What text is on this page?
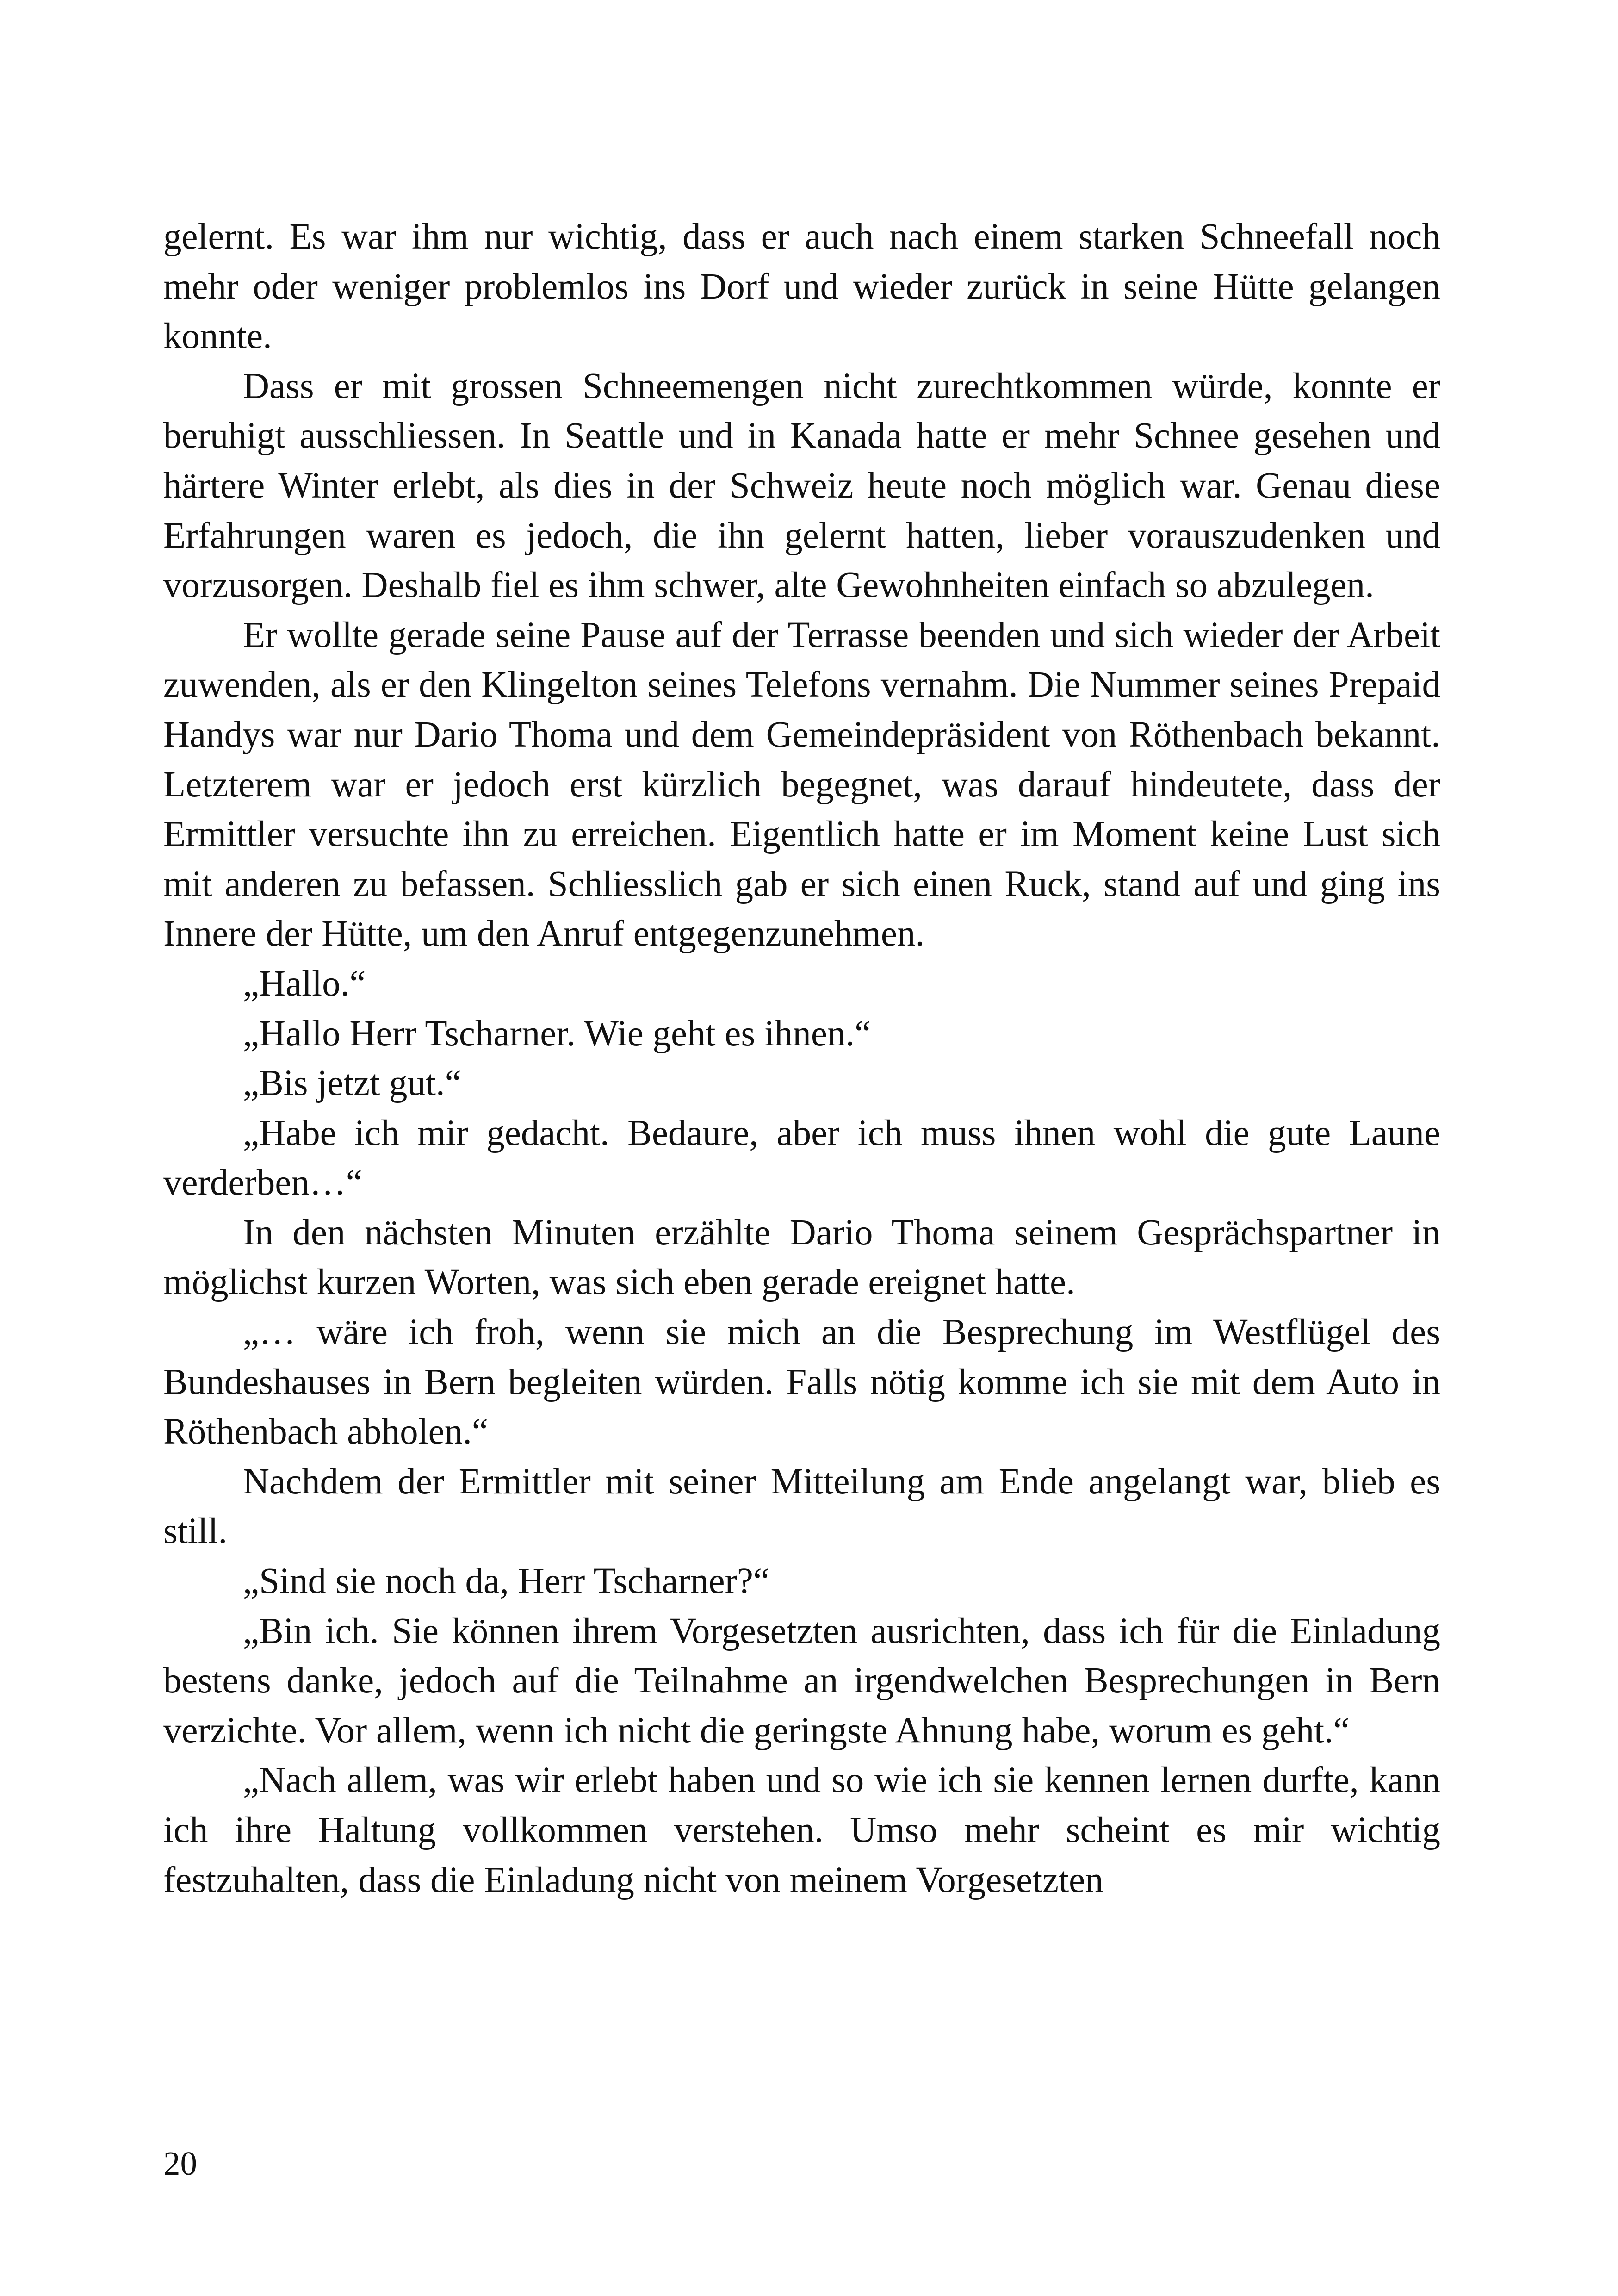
gelernt. Es war ihm nur wichtig, dass er auch nach einem starken Schneefall noch mehr oder weniger problemlos ins Dorf und wieder zurück in seine Hütte gelangen konnte.

Dass er mit grossen Schneemengen nicht zurechtkommen würde, konnte er beruhigt ausschliessen. In Seattle und in Kanada hatte er mehr Schnee gesehen und härtere Winter erlebt, als dies in der Schweiz heute noch möglich war. Genau diese Erfahrungen waren es jedoch, die ihn gelernt hatten, lieber vorauszudenken und vorzusorgen. Deshalb fiel es ihm schwer, alte Gewohnheiten einfach so abzulegen.

Er wollte gerade seine Pause auf der Terrasse beenden und sich wieder der Arbeit zuwenden, als er den Klingelton seines Telefons vernahm. Die Nummer seines Prepaid Handys war nur Dario Thoma und dem Gemeindepräsident von Röthenbach bekannt. Letzterem war er jedoch erst kürzlich begegnet, was darauf hindeutete, dass der Ermittler versuchte ihn zu erreichen. Eigentlich hatte er im Moment keine Lust sich mit anderen zu befassen. Schliesslich gab er sich einen Ruck, stand auf und ging ins Innere der Hütte, um den Anruf entgegenzunehmen.

„Hallo.“

„Hallo Herr Tscharner. Wie geht es ihnen.“

„Bis jetzt gut.“

„Habe ich mir gedacht. Bedaure, aber ich muss ihnen wohl die gute Laune verderben…“

In den nächsten Minuten erzählte Dario Thoma seinem Gesprächspartner in möglichst kurzen Worten, was sich eben gerade ereignet hatte.

„… wäre ich froh, wenn sie mich an die Besprechung im Westflügel des Bundeshauses in Bern begleiten würden. Falls nötig komme ich sie mit dem Auto in Röthenbach abholen.“

Nachdem der Ermittler mit seiner Mitteilung am Ende angelangt war, blieb es still.

„Sind sie noch da, Herr Tscharner?“

„Bin ich. Sie können ihrem Vorgesetzten ausrichten, dass ich für die Einladung bestens danke, jedoch auf die Teilnahme an irgendwelchen Besprechungen in Bern verzichte. Vor allem, wenn ich nicht die geringste Ahnung habe, worum es geht.“

„Nach allem, was wir erlebt haben und so wie ich sie kennen lernen durfte, kann ich ihre Haltung vollkommen verstehen. Umso mehr scheint es mir wichtig festzuhalten, dass die Einladung nicht von meinem Vorgesetzten

20
